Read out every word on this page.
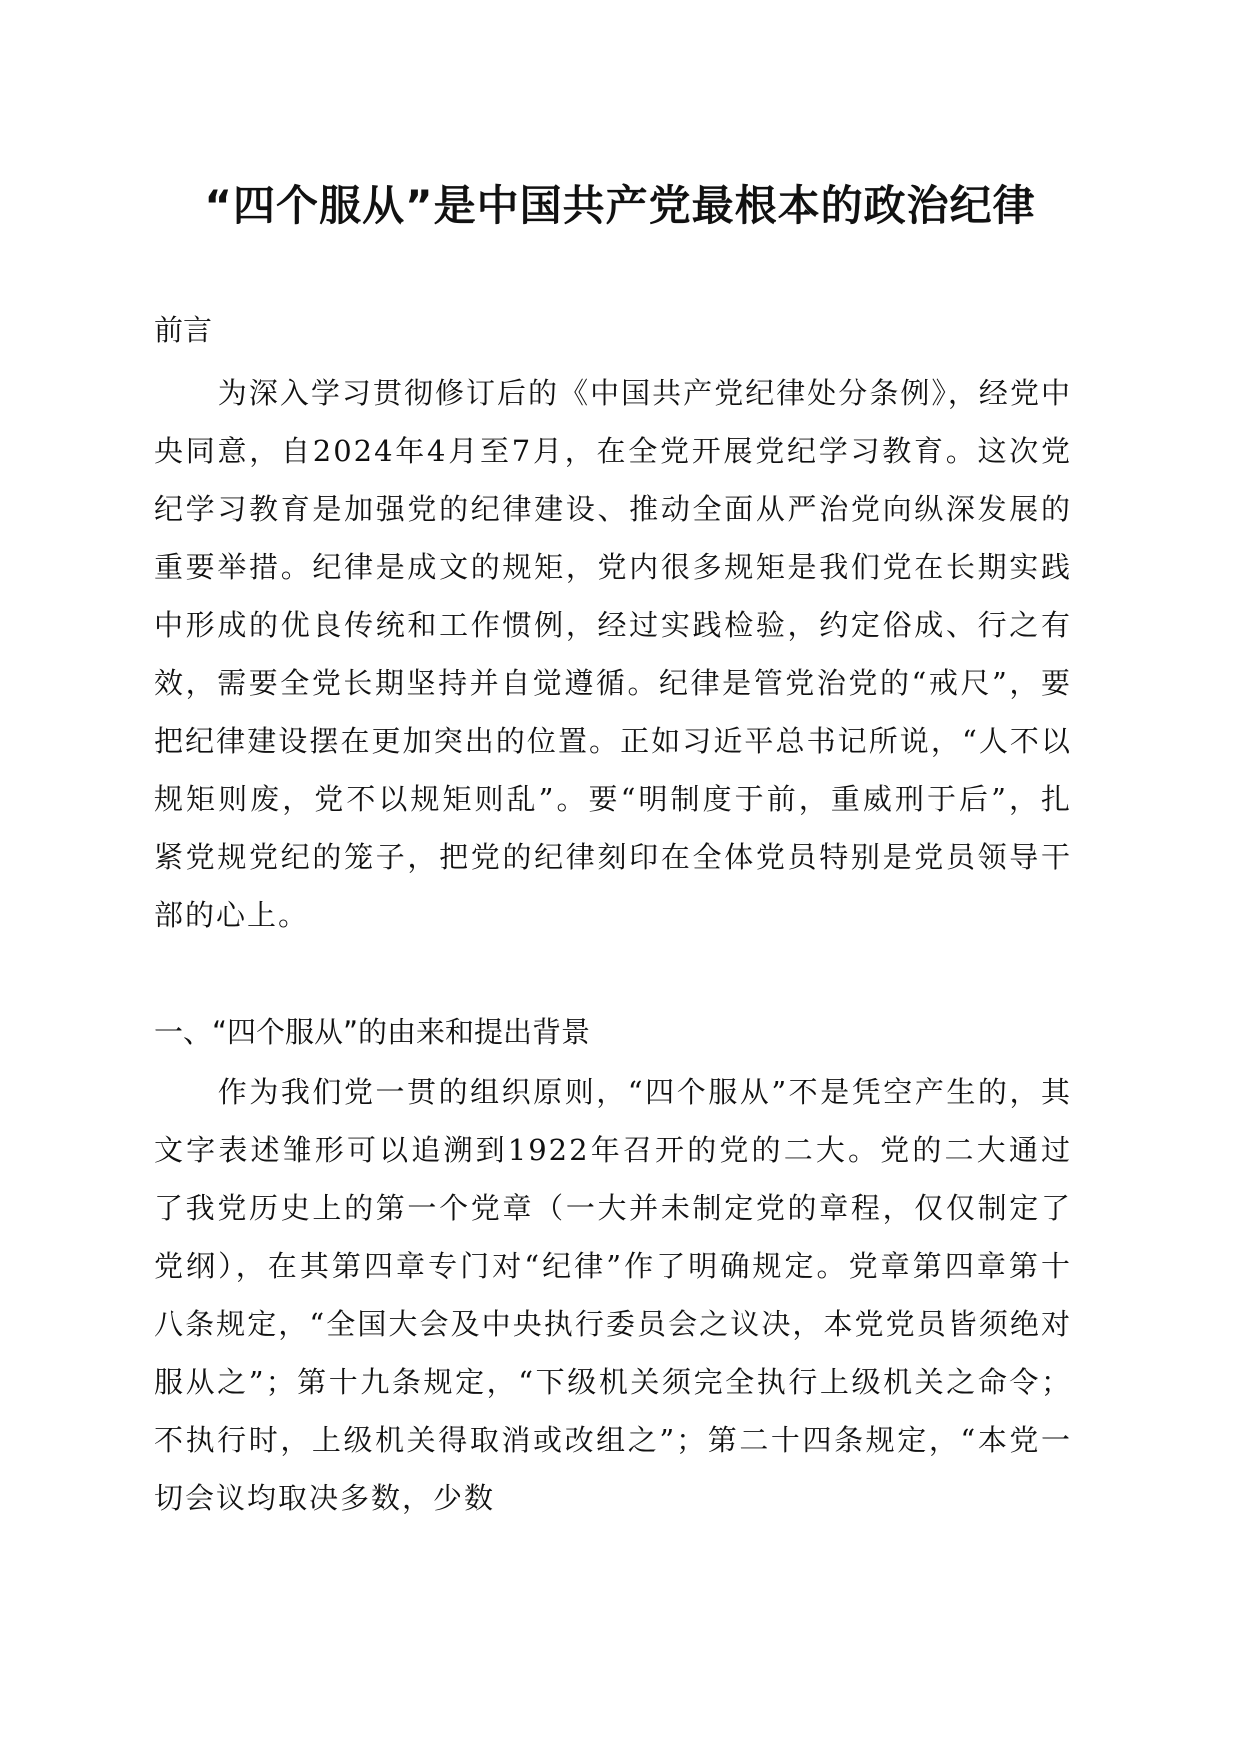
“四个服从”是中国共产党最根本的政治纪律
前言

为深入学习贯彻修订后的《中国共产党纪律处分条例》，经党中央同意，自2024年4月至7月，在全党开展党纪学习教育。这次党纪学习教育是加强党的纪律建设、推动全面从严治党向纵深发展的重要举措。纪律是成文的规矩，党内很多规矩是我们党在长期实践中形成的优良传统和工作惯例，经过实践检验，约定俗成、行之有效，需要全党长期坚持并自觉遵循。纪律是管党治党的“戒尺”，要把纪律建设摆在更加突出的位置。正如习近平总书记所说，“人不以规矩则废，党不以规矩则乱”。要“明制度于前，重威刑于后”，扎紧党规党纪的笼子，把党的纪律刻印在全体党员特别是党员领导干部的心上。

一、“四个服从”的由来和提出背景

作为我们党一贯的组织原则，“四个服从”不是凭空产生的，其文字表述雏形可以追溯到1922年召开的党的二大。党的二大通过了我党历史上的第一个党章（一大并未制定党的章程，仅仅制定了党纲），在其第四章专门对“纪律”作了明确规定。党章第四章第十八条规定，“全国大会及中央执行委员会之议决，本党党员皆须绝对服从之”；第十九条规定，“下级机关须完全执行上级机关之命令；不执行时，上级机关得取消或改组之”；第二十四条规定，“本党一切会议均取决多数，少数
